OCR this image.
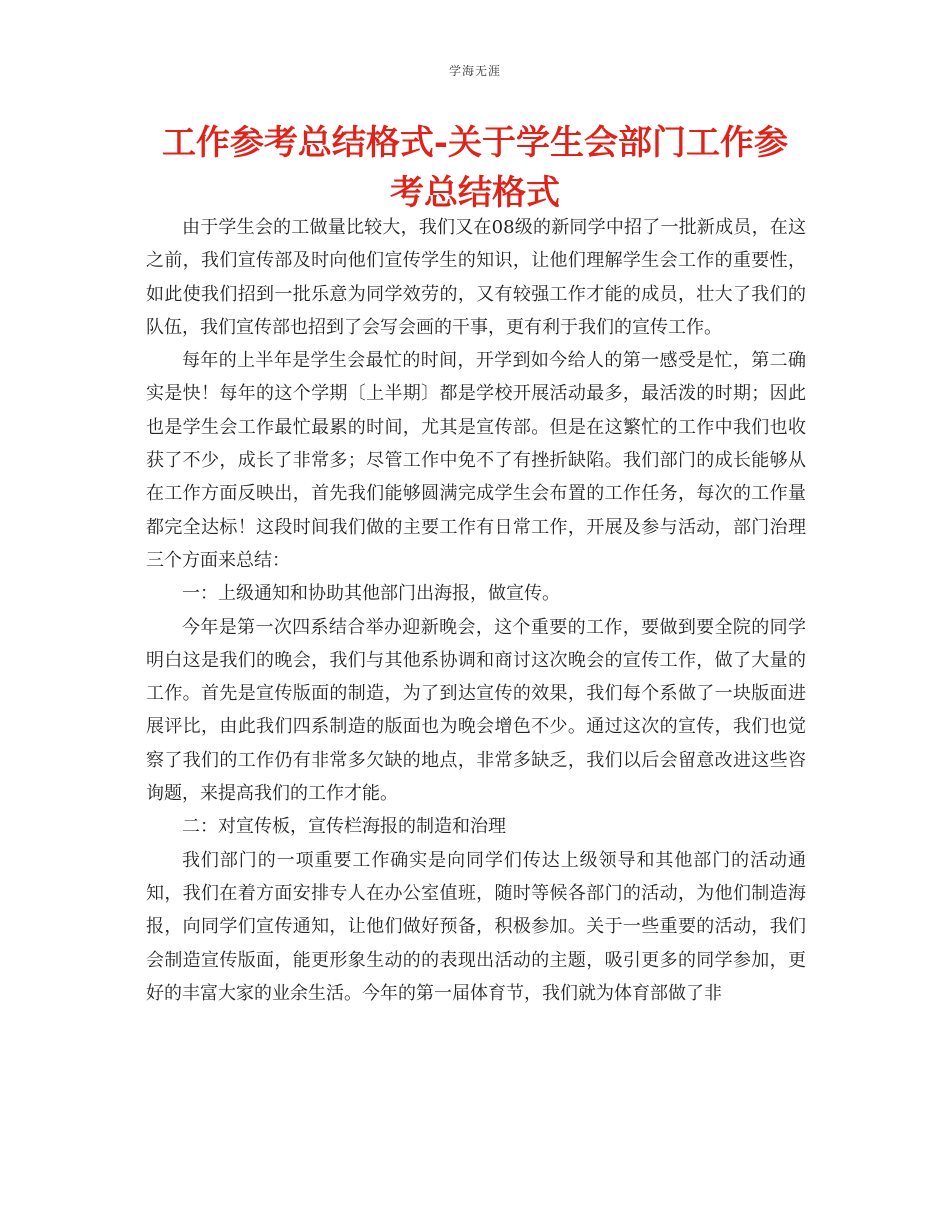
学海无涯
工作参考总结格式-关于学生会部门工作参考总结格式

由于学生会的工做量比较大，我们又在08级的新同学中招了一批新成员，在这之前，我们宣传部及时向他们宣传学生的知识，让他们理解学生会工作的重要性，如此使我们招到一批乐意为同学效劳的，又有较强工作才能的成员，壮大了我们的队伍，我们宣传部也招到了会写会画的干事，更有利于我们的宣传工作。

每年的上半年是学生会最忙的时间，开学到如今给人的第一感受是忙，第二确实是快！每年的这个学期〔上半期〕都是学校开展活动最多，最活泼的时期；因此也是学生会工作最忙最累的时间，尤其是宣传部。但是在这繁忙的工作中我们也收获了不少，成长了非常多；尽管工作中免不了有挫折缺陷。我们部门的成长能够从在工作方面反映出，首先我们能够圆满完成学生会布置的工作任务，每次的工作量都完全达标！这段时间我们做的主要工作有日常工作，开展及参与活动，部门治理三个方面来总结：

一：上级通知和协助其他部门出海报，做宣传。

今年是第一次四系结合举办迎新晚会，这个重要的工作，要做到要全院的同学明白这是我们的晚会，我们与其他系协调和商讨这次晚会的宣传工作，做了大量的工作。首先是宣传版面的制造，为了到达宣传的效果，我们每个系做了一块版面进展评比，由此我们四系制造的版面也为晚会增色不少。通过这次的宣传，我们也觉察了我们的工作仍有非常多欠缺的地点，非常多缺乏，我们以后会留意改进这些咨询题，来提高我们的工作才能。

二：对宣传板，宣传栏海报的制造和治理

我们部门的一项重要工作确实是向同学们传达上级领导和其他部门的活动通知，我们在着方面安排专人在办公室值班，随时等候各部门的活动，为他们制造海报，向同学们宣传通知，让他们做好预备，积极参加。关于一些重要的活动，我们会制造宣传版面，能更形象生动的的表现出活动的主题，吸引更多的同学参加，更好的丰富大家的业余生活。今年的第一届体育节，我们就为体育部做了非
